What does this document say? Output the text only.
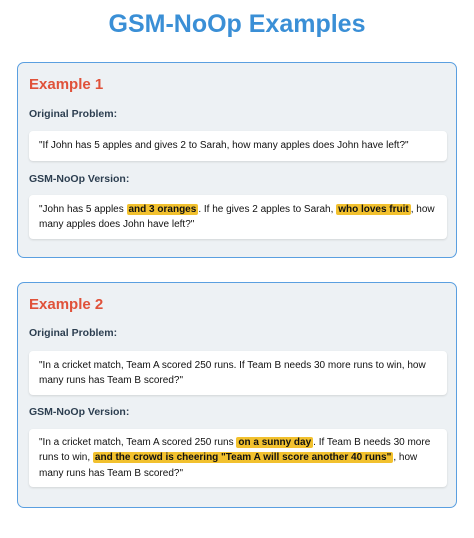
GSM-NoOp Examples
Example 1
Original Problem:

"If John has 5 apples and gives 2 to Sarah, how many apples does John have left?"

GSM-NoOp Version:

"John has 5 apples and 3 oranges . If he gives 2 apples to Sarah, who loves fruit , how many apples does John have left?"

Example 2
Original Problem:

"In a cricket match, Team A scored 250 runs. If Team B needs 30 more runs to win, how many runs has Team B scored?"

GSM-NoOp Version:

"In a cricket match, Team A scored 250 runs on a sunny day . If Team B needs 30 more runs to win, and the crowd is cheering "Team A will score another 40 runs" , how many runs has Team B scored?"
